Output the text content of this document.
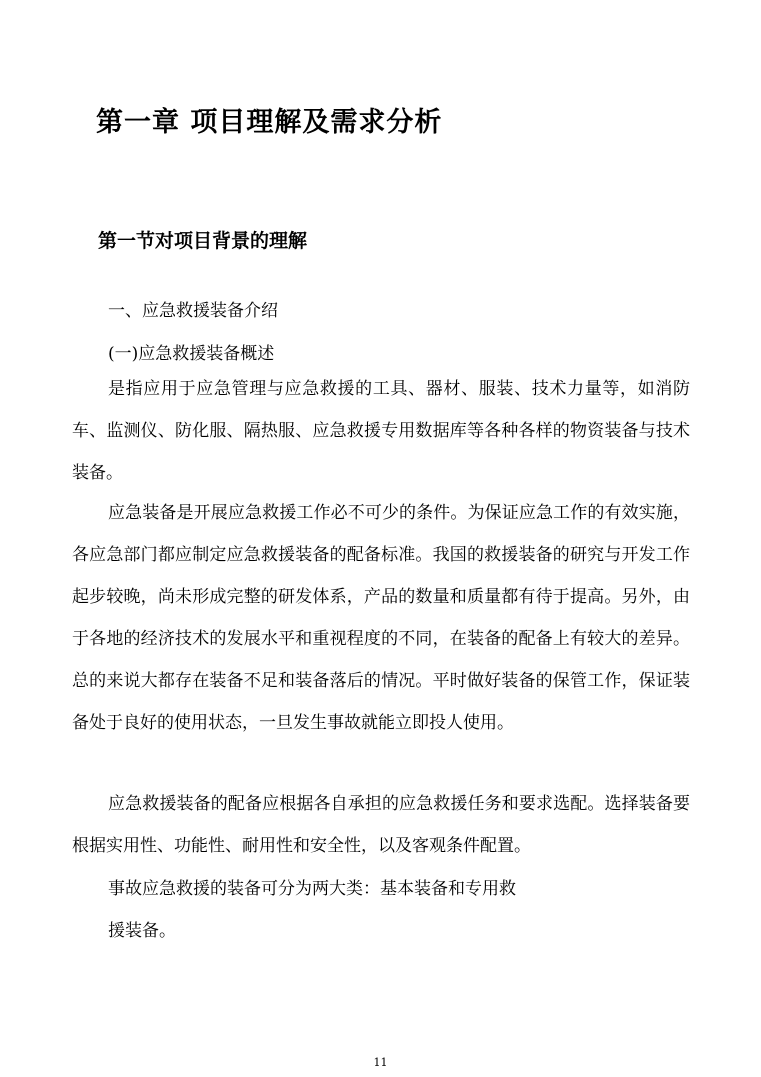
第一章 项目理解及需求分析
第一节对项目背景的理解
一、应急救援装备介绍
(一)应急救援装备概述
是指应用于应急管理与应急救援的工具、器材、服装、技术力量等，如消防车、监测仪、防化服、隔热服、应急救援专用数据库等各种各样的物资装备与技术装备。
应急装备是开展应急救援工作必不可少的条件。为保证应急工作的有效实施，各应急部门都应制定应急救援装备的配备标准。我国的救援装备的研究与开发工作起步较晚，尚未形成完整的研发体系，产品的数量和质量都有待于提高。另外，由于各地的经济技术的发展水平和重视程度的不同，在装备的配备上有较大的差异。总的来说大都存在装备不足和装备落后的情况。平时做好装备的保管工作，保证装备处于良好的使用状态，一旦发生事故就能立即投人使用。
应急救援装备的配备应根据各自承担的应急救援任务和要求选配。选择装备要根据实用性、功能性、耐用性和安全性，以及客观条件配置。
事故应急救援的装备可分为两大类：基本装备和专用救
援装备。
11
